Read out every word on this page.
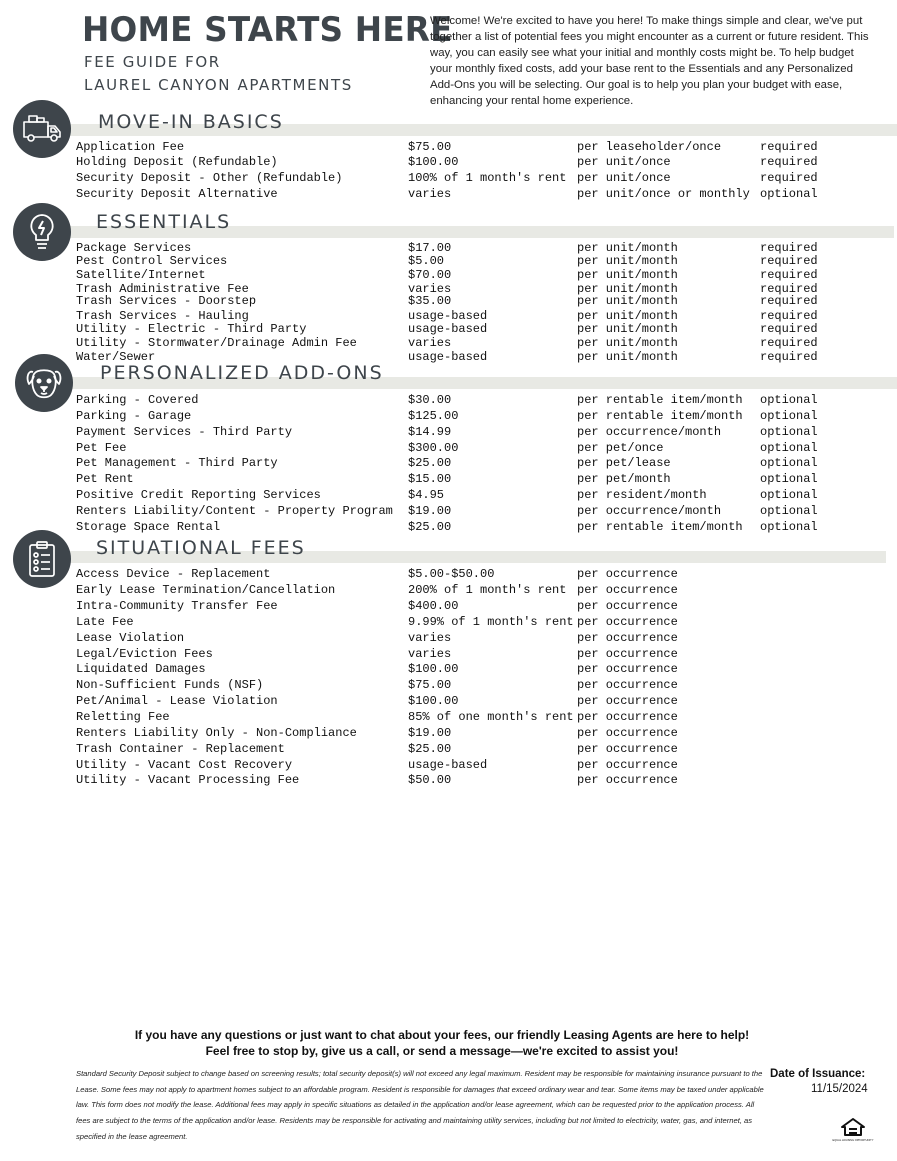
HOME STARTS HERE
FEE GUIDE FOR
LAUREL CANYON APARTMENTS
Welcome! We're excited to have you here! To make things simple and clear, we've put together a list of potential fees you might encounter as a current or future resident. This way, you can easily see what your initial and monthly costs might be. To help budget your monthly fixed costs, add your base rent to the Essentials and any Personalized Add-Ons you will be selecting. Our goal is to help you plan your budget with ease, enhancing your rental home experience.
MOVE-IN BASICS
ESSENTIALS
PERSONALIZED ADD-ONS
SITUATIONAL FEES
Application Fee	$75.00	per leaseholder/once	required
Holding Deposit (Refundable)	$100.00	per unit/once	required
Security Deposit - Other (Refundable)	100% of 1 month's rent per unit/once	required
Security Deposit Alternative	varies	per unit/once or monthly optional
Package Services	$17.00	per unit/month	required
Pest Control Services	$5.00	per unit/month	required
Satellite/Internet	$70.00	per unit/month	required
Trash Administrative Fee	varies	per unit/month	required
Trash Services - Doorstep	$35.00	per unit/month	required
Trash Services - Hauling	usage-based	per unit/month	required
Utility - Electric - Third Party	usage-based	per unit/month	required
Utility - Stormwater/Drainage Admin Fee	varies	per unit/month	required
Water/Sewer	usage-based	per unit/month	required
Parking - Covered	$30.00	per rentable item/month optional
Parking - Garage	$125.00	per rentable item/month optional
Payment Services - Third Party	$14.99	per occurrence/month	optional
Pet Fee	$300.00	per pet/once	optional
Pet Management - Third Party	$25.00	per pet/lease	optional
Pet Rent	$15.00	per pet/month	optional
Positive Credit Reporting Services	$4.95	per resident/month	optional
Renters Liability/Content - Property Program $19.00	per occurrence/month	optional
Storage Space Rental	$25.00	per rentable item/month optional
Access Device - Replacement	$5.00-$50.00	per occurrence
Early Lease Termination/Cancellation	200% of 1 month's rent per occurrence
Intra-Community Transfer Fee	$400.00	per occurrence
Late Fee	9.99% of 1 month's rent per occurrence
Lease Violation	varies	per occurrence
Legal/Eviction Fees	varies	per occurrence
Liquidated Damages	$100.00	per occurrence
Non-Sufficient Funds (NSF)	$75.00	per occurrence
Pet/Animal - Lease Violation	$100.00	per occurrence
Reletting Fee	85% of one month's rent per occurrence
Renters Liability Only - Non-Compliance	$19.00	per occurrence
Trash Container - Replacement	$25.00	per occurrence
Utility - Vacant Cost Recovery	usage-based	per occurrence
Utility - Vacant Processing Fee	$50.00	per occurrence
If you have any questions or just want to chat about your fees, our friendly Leasing Agents are here to help!
Feel free to stop by, give us a call, or send a message—we're excited to assist you!
Standard Security Deposit subject to change based on screening results; total security deposit(s) will not exceed any legal maximum. Resident may be responsible for maintaining insurance pursuant to the Lease. Some fees may not apply to apartment homes subject to an affordable program. Resident is responsible for damages that exceed ordinary wear and tear. Some items may be taxed under applicable law. This form does not modify the lease. Additional fees may apply in specific situations as detailed in the application and/or lease agreement, which can be requested prior to the application process. All fees are subject to the terms of the application and/or lease. Residents may be responsible for activating and maintaining utility services, including but not limited to electricity, water, gas, and internet, as specified in the lease agreement.
Date of Issuance:
11/15/2024
EQUAL HOUSING OPPORTUNITY
